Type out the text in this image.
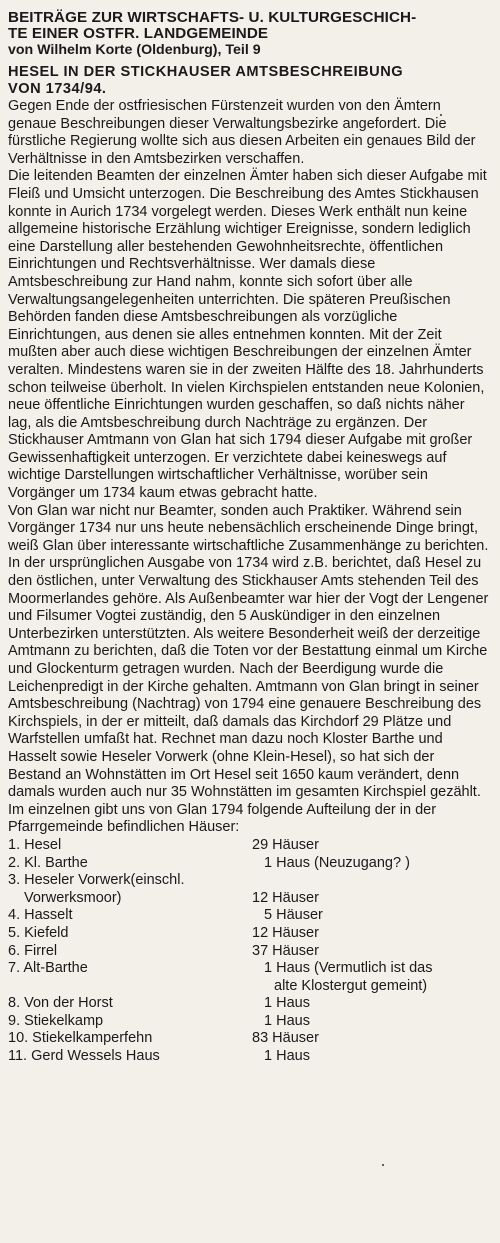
BEITRÄGE ZUR WIRTSCHAFTS- U. KULTURGESCHICH-
TE EINER OSTFR. LANDGEMEINDE
von Wilhelm Korte (Oldenburg), Teil 9
HESEL IN DER STICKHAUSER AMTSBESCHREIBUNG
VON 1734/94.

Gegen Ende der ostfriesischen Fürstenzeit wurden von den Ämtern genaue Beschreibungen dieser Verwaltungsbezirke angefordert. Die fürstliche Regierung wollte sich aus diesen Arbeiten ein genaues Bild der Verhältnisse in den Amtsbezirken verschaffen.

Die leitenden Beamten der einzelnen Ämter haben sich dieser Aufgabe mit Fleiß und Umsicht unterzogen. Die Beschreibung des Amtes Stickhausen konnte in Aurich 1734 vorgelegt werden. Dieses Werk enthält nun keine allgemeine historische Erzählung wichtiger Ereignisse, sondern lediglich eine Darstellung aller bestehenden Gewohnheitsrechte, öffentlichen Einrichtungen und Rechtsverhältnisse. Wer damals diese Amtsbeschreibung zur Hand nahm, konnte sich sofort über alle Verwaltungsangelegenheiten unterrichten. Die späteren Preußischen Behörden fanden diese Amtsbeschreibungen als vorzügliche Einrichtungen, aus denen sie alles entnehmen konnten. Mit der Zeit mußten aber auch diese wichtigen Beschreibungen der einzelnen Ämter veralten. Mindestens waren sie in der zweiten Hälfte des 18. Jahrhunderts schon teilweise überholt. In vielen Kirchspielen entstanden neue Kolonien, neue öffentliche Einrichtungen wurden geschaffen, so daß nichts näher lag, als die Amtsbeschreibung durch Nachträge zu ergänzen. Der Stickhauser Amtmann von Glan hat sich 1794 dieser Aufgabe mit großer Gewissenhaftigkeit unterzogen. Er verzichtete dabei keineswegs auf wichtige Darstellungen wirtschaftlicher Verhältnisse, worüber sein Vorgänger um 1734 kaum etwas gebracht hatte.

Von Glan war nicht nur Beamter, sonden auch Praktiker. Während sein Vorgänger 1734 nur uns heute nebensächlich erscheinende Dinge bringt, weiß Glan über interessante wirtschaftliche Zusammenhänge zu berichten.

In der ursprünglichen Ausgabe von 1734 wird z.B. berichtet, daß Hesel zu den östlichen, unter Verwaltung des Stickhauser Amts stehenden Teil des Moormerlandes gehöre. Als Außenbeamter war hier der Vogt der Lengener und Filsumer Vogtei zuständig, den 5 Auskündiger in den einzelnen Unterbezirken unterstützten. Als weitere Besonderheit weiß der derzeitige Amtmann zu berichten, daß die Toten vor der Bestattung einmal um Kirche und Glockenturm getragen wurden. Nach der Beerdigung wurde die Leichenpredigt in der Kirche gehalten. Amtmann von Glan bringt in seiner Amtsbeschreibung (Nachtrag) von 1794 eine genauere Beschreibung des Kirchspiels, in der er mitteilt, daß damals das Kirchdorf 29 Plätze und Warfstellen umfaßt hat. Rechnet man dazu noch Kloster Barthe und Hasselt sowie Heseler Vorwerk (ohne Klein-Hesel), so hat sich der Bestand an Wohnstätten im Ort Hesel seit 1650 kaum verändert, denn damals wurden auch nur 35 Wohnstätten im gesamten Kirchspiel gezählt. Im einzelnen gibt uns von Glan 1794 folgende Aufteilung der in der Pfarrgemeinde befindlichen Häuser:

1. Hesel	29 Häuser
2. Kl. Barthe	1 Haus (Neuzugang? )
3. Heseler Vorwerk(einschl.
Vorwerksmoor)	12 Häuser
4. Hasselt	5 Häuser
5. Kiefeld	12 Häuser
6. Firrel	37 Häuser
7. Alt-Barthe	1 Haus (Vermutlich ist das
alte Klostergut gemeint)
8. Von der Horst	1 Haus
9. Stiekelkamp	1 Haus
10. Stiekelkamperfehn	83 Häuser
11. Gerd Wessels Haus	1 Haus
